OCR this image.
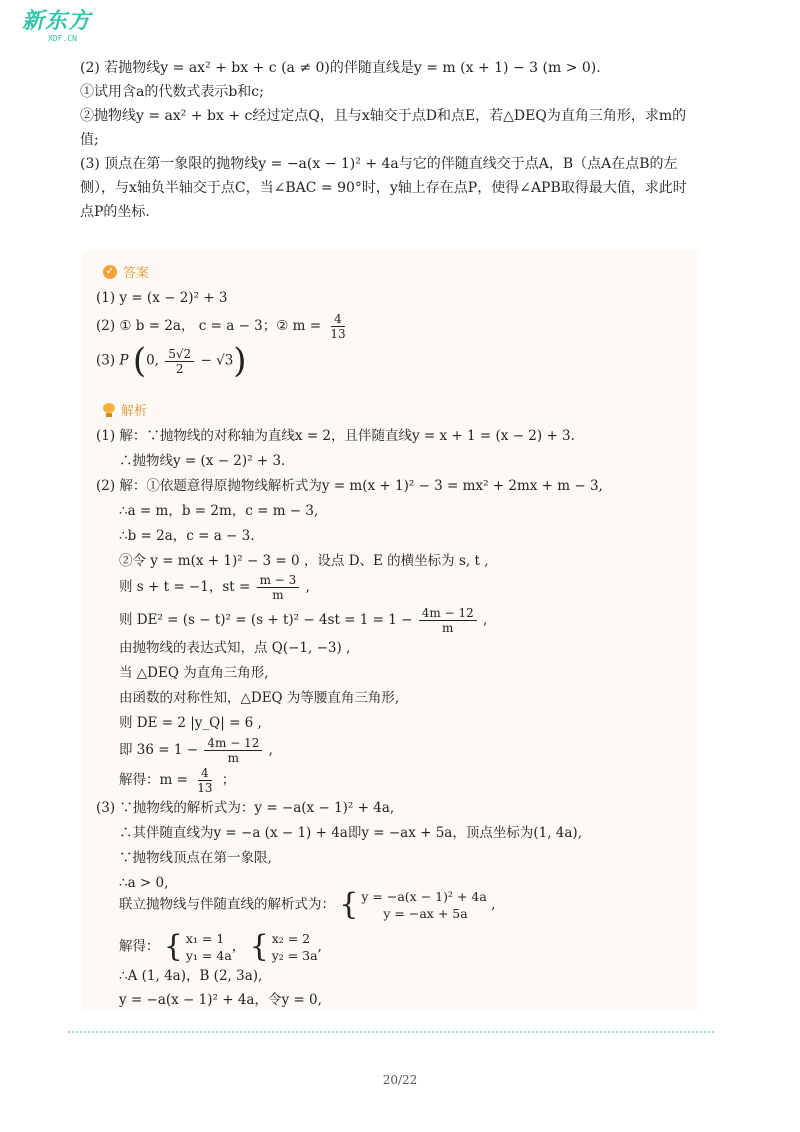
新东方
XDF.CN

(2) 若抛物线y = ax² + bx + c (a ≠ 0)的伴随直线是y = m (x + 1) − 3 (m > 0).

①试用含a的代数式表示b和c;

②抛物线y = ax² + bx + c经过定点Q，且与x轴交于点D和点E，若△DEQ为直角三角形，求m的

值;

(3) 顶点在第一象限的抛物线y = −a(x − 1)² + 4a与它的伴随直线交于点A，B（点A在点B的左

侧），与x轴负半轴交于点C，当∠BAC = 90°时，y轴上存在点P，使得∠APB取得最大值，求此时

点P的坐标.

✓ 答案
(1) y = (x − 2)² + 3
(2) ① b = 2a， c = a − 3；② $m = \frac{4}{13}$
(3) P (0, $\frac{5√2}{2} - √3$)
解析
(1) 解：∵抛物线的对称轴为直线x = 2，且伴随直线y = x + 1 = (x − 2) + 3.
∴抛物线y = (x − 2)² + 3.
(2) 解：①依题意得原抛物线解析式为y = m(x + 1)² − 3 = mx² + 2mx + m − 3,
∴a = m，b = 2m，c = m − 3,
∴b = 2a，c = a − 3.
②令 y = m(x + 1)² − 3 = 0 ，设点 D、E 的横坐标为 s, t ,
则 s + t = −1，st = $\frac{m - 3}{m}$ ,
则 $DE^2 = (s - t)^2 = (s + t)^2 - 4st = 1 = 1 - \frac{4m - 12}{m}$ ,
由抛物线的表达式知，点 Q(−1, −3) ,
当 △DEQ 为直角三角形,
由函数的对称性知，△DEQ 为等腰直角三角形,
则 DE = 2 |y_Q| = 6 ,
即 $36 = 1 - \frac{4m - 12}{m}$ ,
解得：$m = \frac{4}{13}$ ；
(3) ∵抛物线的解析式为：y = −a(x − 1)² + 4a,
∴其伴随直线为y = −a (x − 1) + 4a即y = −ax + 5a，顶点坐标为(1, 4a),
∵抛物线顶点在第一象限,
∴a > 0,
联立抛物线与伴随直线的解析式为： { y = −a(x − 1)² + 4a
y = −ax + 5a
,
解得： { x₁ = 1
y₁ = 4a
， { x₂ = 2
y₂ = 3a
,
∴A (1, 4a)，B (2, 3a),
y = −a(x − 1)² + 4a，令y = 0,
20/22
